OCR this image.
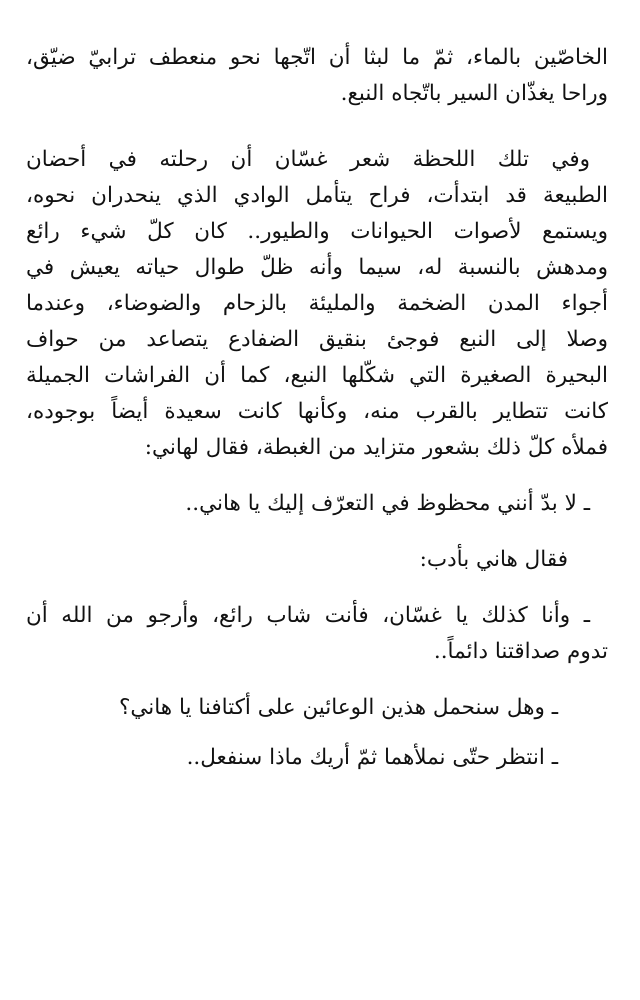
الخاصّين بالماء، ثمّ ما لبثا أن اتّجها نحو منعطف ترابيّ ضيّق،
وراحا يغذّان السير باتّجاه النبع.
وفي تلك اللحظة شعر غسّان أن رحلته في أحضان
الطبيعة قد ابتدأت، فراح يتأمل الوادي الذي ينحدران نحوه،
ويستمع لأصوات الحيوانات والطيور.. كان كلّ شيء رائع
ومدهش بالنسبة له، سيما وأنه ظلّ طوال حياته يعيش في
أجواء المدن الضخمة والمليئة بالزحام والضوضاء، وعندما
وصلا إلى النبع فوجئ بنقيق الضفادع يتصاعد من حواف
البحيرة الصغيرة التي شكّلها النبع، كما أن الفراشات الجميلة
كانت تتطاير بالقرب منه، وكأنها كانت سعيدة أيضاً بوجوده،
فملأه كلّ ذلك بشعور متزايد من الغبطة، فقال لهاني:
ـ لا بدّ أنني محظوظ في التعرّف إليك يا هاني..
فقال هاني بأدب:
ـ وأنا كذلك يا غسّان، فأنت شاب رائع، وأرجو من الله أن
تدوم صداقتنا دائماً..
ـ وهل سنحمل هذين الوعائين على أكتافنا يا هاني؟
ـ انتظر حتّى نملأهما ثمّ أريك ماذا سنفعل..
